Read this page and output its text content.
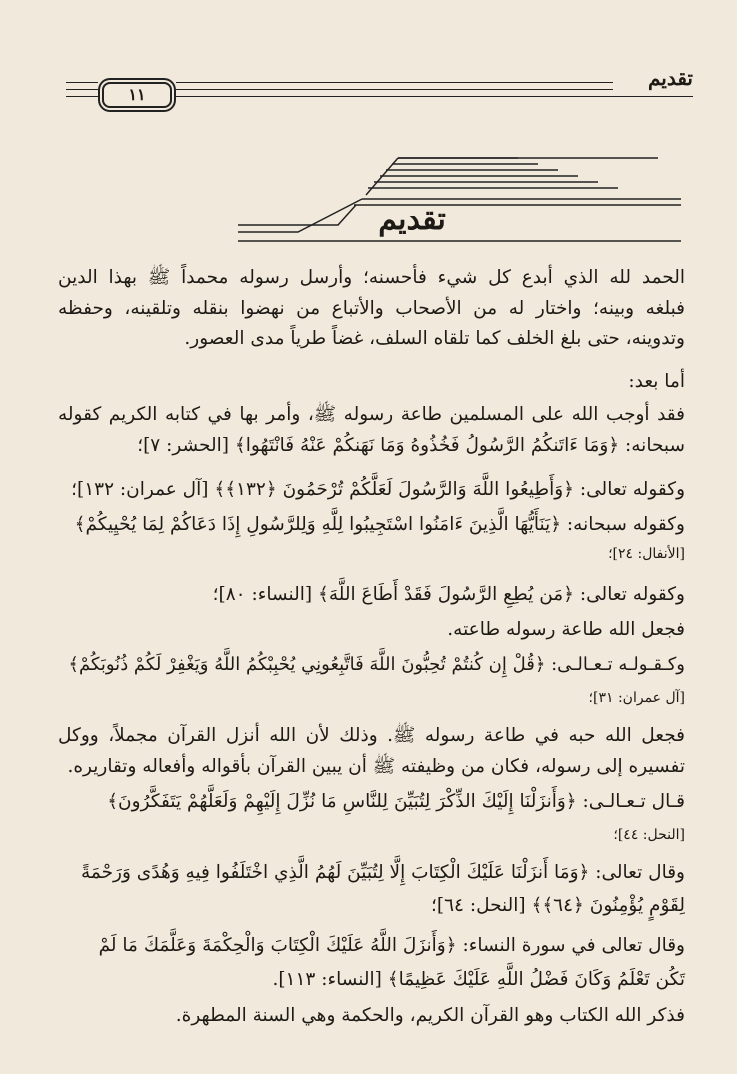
تقديم
١١
تقديم
الحمد لله الذي أبدع كل شيء فأحسنه؛ وأرسل رسوله محمداً ﷺ بهذا الدين
فبلغه وبينه؛ واختار له من الأصحاب والأتباع من نهضوا بنقله وتلقينه، وحفظه
وتدوينه، حتى بلغ الخلف كما تلقاه السلف، غضاً طرياً مدى العصور.
أما بعد:
فقد أوجب الله على المسلمين طاعة رسوله ﷺ، وأمر بها في كتابه الكريم كقوله
سبحانه: ﴿وَمَا ءَاتَنكُمُ الرَّسُولُ فَخُذُوهُ وَمَا نَهَنكُمْ عَنْهُ فَانْتَهُوا﴾ [الحشر: ٧]؛
وكقوله تعالى: ﴿وَأَطِيعُوا اللَّهَ وَالرَّسُولَ لَعَلَّكُمْ تُرْحَمُونَ ﴿١٣٢﴾﴾ [آل عمران: ١٣٢]؛
وكقوله سبحانه: ﴿يَنَأَيُّهَا الَّذِينَ ءَامَنُوا اسْتَجِيبُوا لِلَّهِ وَلِلرَّسُولِ إِذَا دَعَاكُمْ لِمَا يُحْيِيكُمْ﴾
[الأنفال: ٢٤]؛
وكقوله تعالى: ﴿مَن يُطِعِ الرَّسُولَ فَقَدْ أَطَاعَ اللَّهَ﴾ [النساء: ٨٠]؛
فجعل الله طاعة رسوله طاعته.
وكـقـولـه تـعـالـى: ﴿قُلْ إِن كُنتُمْ تُحِبُّونَ اللَّهَ فَاتَّبِعُونِي يُحْبِبْكُمُ اللَّهُ وَيَغْفِرْ لَكُمْ ذُنُوبَكُمْ﴾
[آل عمران: ٣١]؛
فجعل الله حبه في طاعة رسوله ﷺ. وذلك لأن الله أنزل القرآن مجملاً، ووكل
تفسيره إلى رسوله، فكان من وظيفته ﷺ أن يبين القرآن بأقواله وأفعاله وتقاريره.
قـال تـعـالـى: ﴿وَأَنزَلْنَا إِلَيْكَ الذِّكْرَ لِتُبَيِّنَ لِلنَّاسِ مَا نُزِّلَ إِلَيْهِمْ وَلَعَلَّهُمْ يَتَفَكَّرُونَ﴾
[النحل: ٤٤]؛
وقال تعالى: ﴿وَمَا أَنزَلْنَا عَلَيْكَ الْكِتَابَ إِلَّا لِتُبَيِّنَ لَهُمُ الَّذِي اخْتَلَفُوا فِيهِ وَهُدًى وَرَحْمَةً
لِقَوْمٍ يُؤْمِنُونَ ﴿٦٤﴾﴾ [النحل: ٦٤]؛
وقال تعالى في سورة النساء: ﴿وَأَنزَلَ اللَّهُ عَلَيْكَ الْكِتَابَ وَالْحِكْمَةَ وَعَلَّمَكَ مَا لَمْ
تَكُن تَعْلَمُ وَكَانَ فَضْلُ اللَّهِ عَلَيْكَ عَظِيمًا﴾ [النساء: ١١٣].
فذكر الله الكتاب وهو القرآن الكريم، والحكمة وهي السنة المطهرة.
